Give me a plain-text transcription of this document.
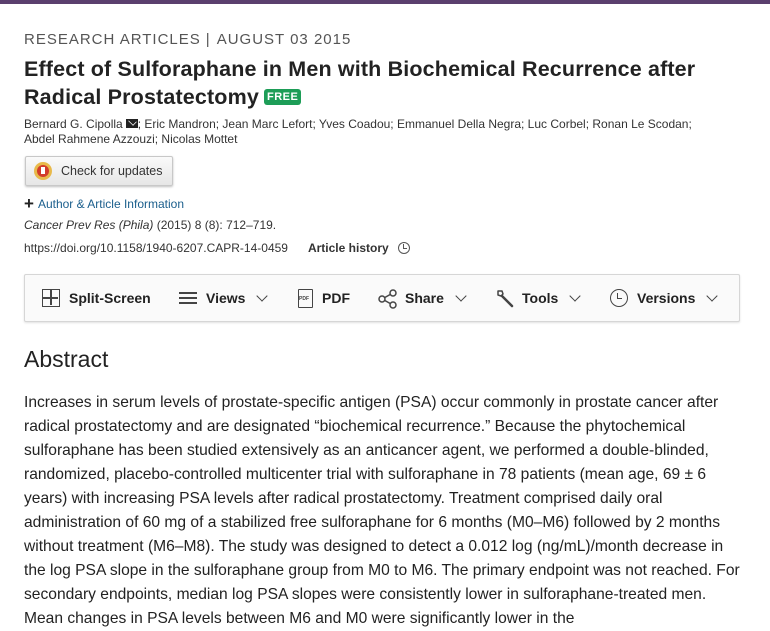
RESEARCH ARTICLES | AUGUST 03 2015
Effect of Sulforaphane in Men with Biochemical Recurrence after Radical Prostatectomy FREE
Bernard G. Cipolla ; Eric Mandron; Jean Marc Lefort; Yves Coadou; Emmanuel Della Negra; Luc Corbel; Ronan Le Scodan;
Abdel Rahmene Azzouzi; Nicolas Mottet
Check for updates
+ Author & Article Information
Cancer Prev Res (Phila) (2015) 8 (8): 712–719.
https://doi.org/10.1158/1940-6207.CAPR-14-0459 Article history
Split-Screen	Views
PDF	PDF	Share	Tools	Versions
Abstract

Increases in serum levels of prostate-specific antigen (PSA) occur commonly in prostate cancer after radical prostatectomy and are designated “biochemical recurrence.” Because the phytochemical sulforaphane has been studied extensively as an anticancer agent, we performed a double-blinded, randomized, placebo-controlled multicenter trial with sulforaphane in 78 patients (mean age, 69 ± 6 years) with increasing PSA levels after radical prostatectomy. Treatment comprised daily oral administration of 60 mg of a stabilized free sulforaphane for 6 months (M0–M6) followed by 2 months without treatment (M6–M8). The study was designed to detect a 0.012 log (ng/mL)/month decrease in the log PSA slope in the sulforaphane group from M0 to M6. The primary endpoint was not reached. For secondary endpoints, median log PSA slopes were consistently lower in sulforaphane-treated men. Mean changes in PSA levels between M6 and M0 were significantly lower in the
